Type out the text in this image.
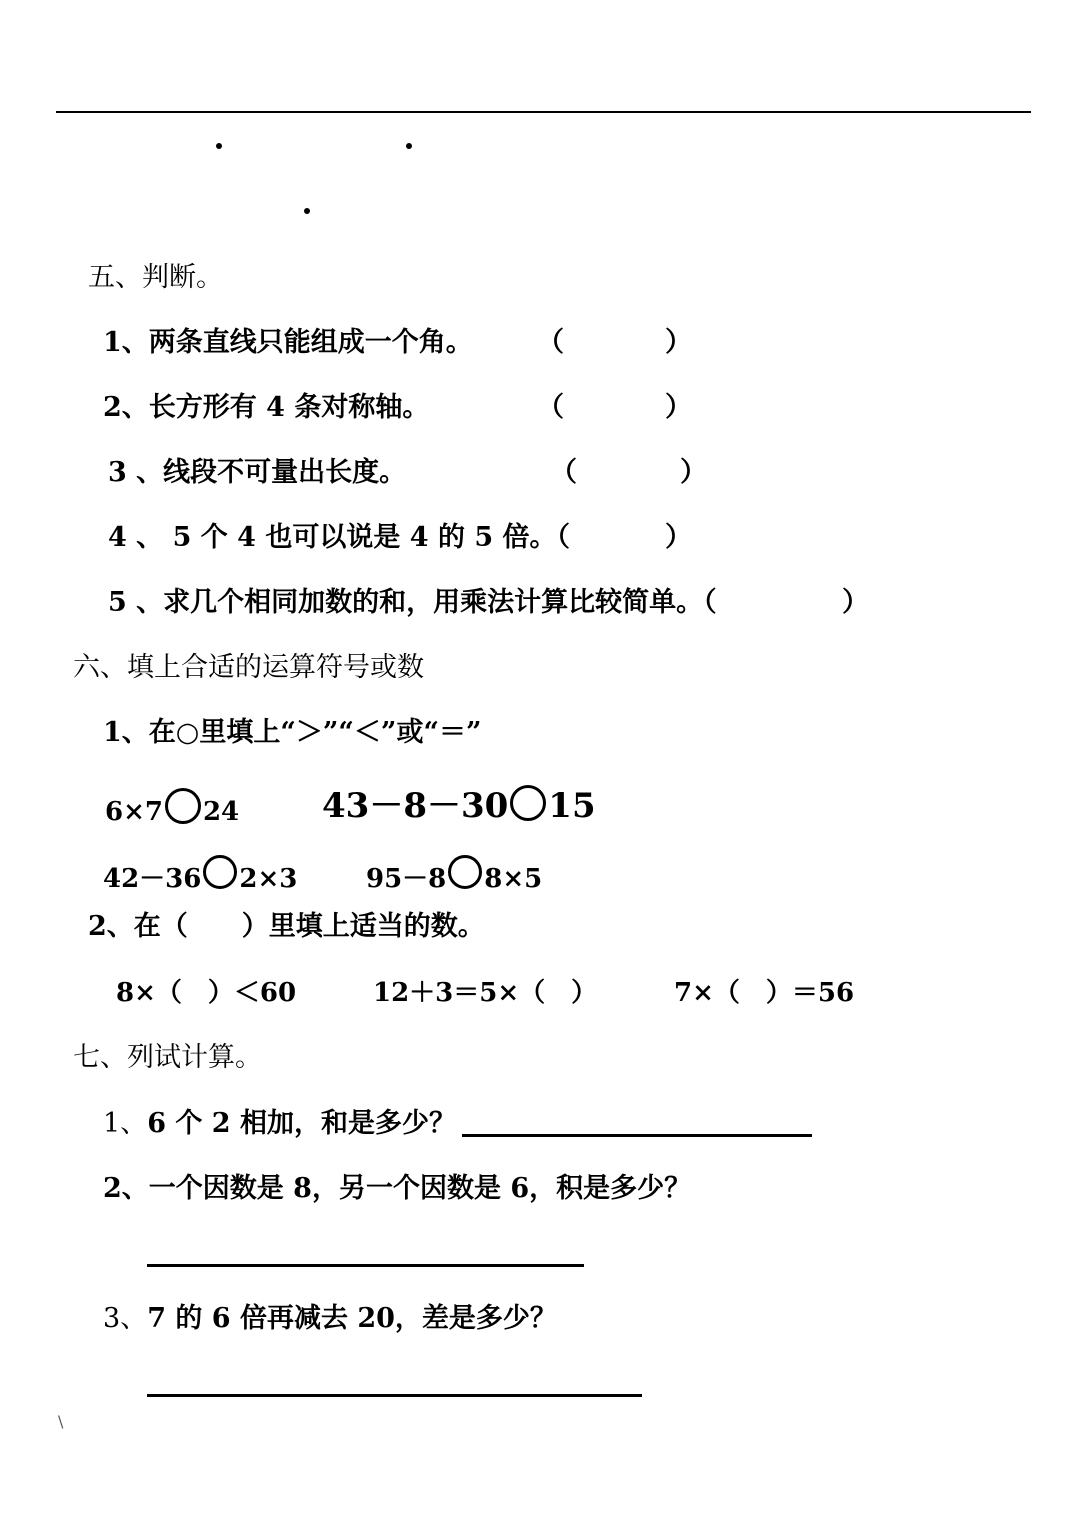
五、判断。
1、两条直线只能组成一个角。 （	）
2、长方形有 4 条对称轴。	（	）
3 、线段不可量出长度。	（	）
4 、 5 个 4 也可以说是 4 的 5 倍。（	）
5 、求几个相同加数的和，用乘法计算比较简单。（	）
六、填上合适的运算符号或数
1、在○里填上“＞”“＜”或“＝”
6×7 24 43－8－30 15
42－36 2×3	95－8 8×5
2、在（　　）里填上适当的数。
8×（　）＜60	12＋3＝5×（　）	7×（　）＝56
七、列试计算。
1、6 个 2 相加，和是多少？
2、一个因数是 8，另一个因数是 6，积是多少？
3、7 的 6 倍再减去 20，差是多少？
\
